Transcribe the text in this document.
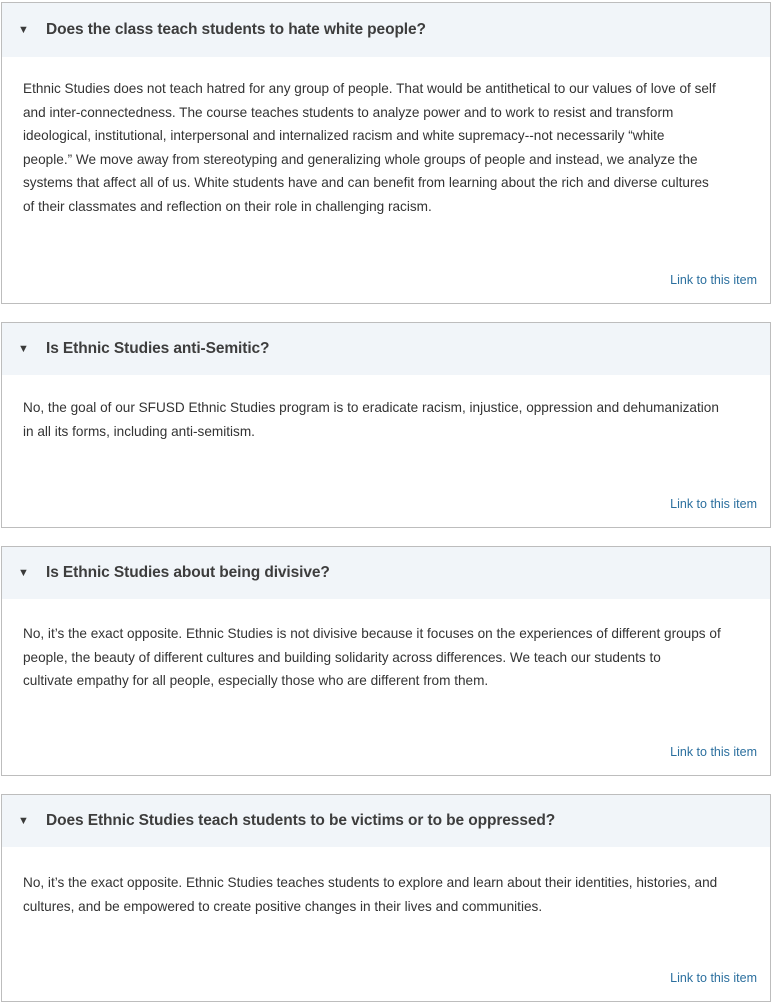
▼ Does the class teach students to hate white people?

Ethnic Studies does not teach hatred for any group of people. That would be antithetical to our values of love of self
and inter-connectedness. The course teaches students to analyze power and to work to resist and transform
ideological, institutional, interpersonal and internalized racism and white supremacy--not necessarily “white
people.” We move away from stereotyping and generalizing whole groups of people and instead, we analyze the
systems that affect all of us. White students have and can benefit from learning about the rich and diverse cultures
of their classmates and reflection on their role in challenging racism.

Link to this item
▼ Is Ethnic Studies anti-Semitic?

No, the goal of our SFUSD Ethnic Studies program is to eradicate racism, injustice, oppression and dehumanization
in all its forms, including anti-semitism.

Link to this item
▼ Is Ethnic Studies about being divisive?

No, it’s the exact opposite. Ethnic Studies is not divisive because it focuses on the experiences of different groups of
people, the beauty of different cultures and building solidarity across differences. We teach our students to
cultivate empathy for all people, especially those who are different from them.

Link to this item
▼ Does Ethnic Studies teach students to be victims or to be oppressed?

No, it’s the exact opposite. Ethnic Studies teaches students to explore and learn about their identities, histories, and
cultures, and be empowered to create positive changes in their lives and communities.

Link to this item
